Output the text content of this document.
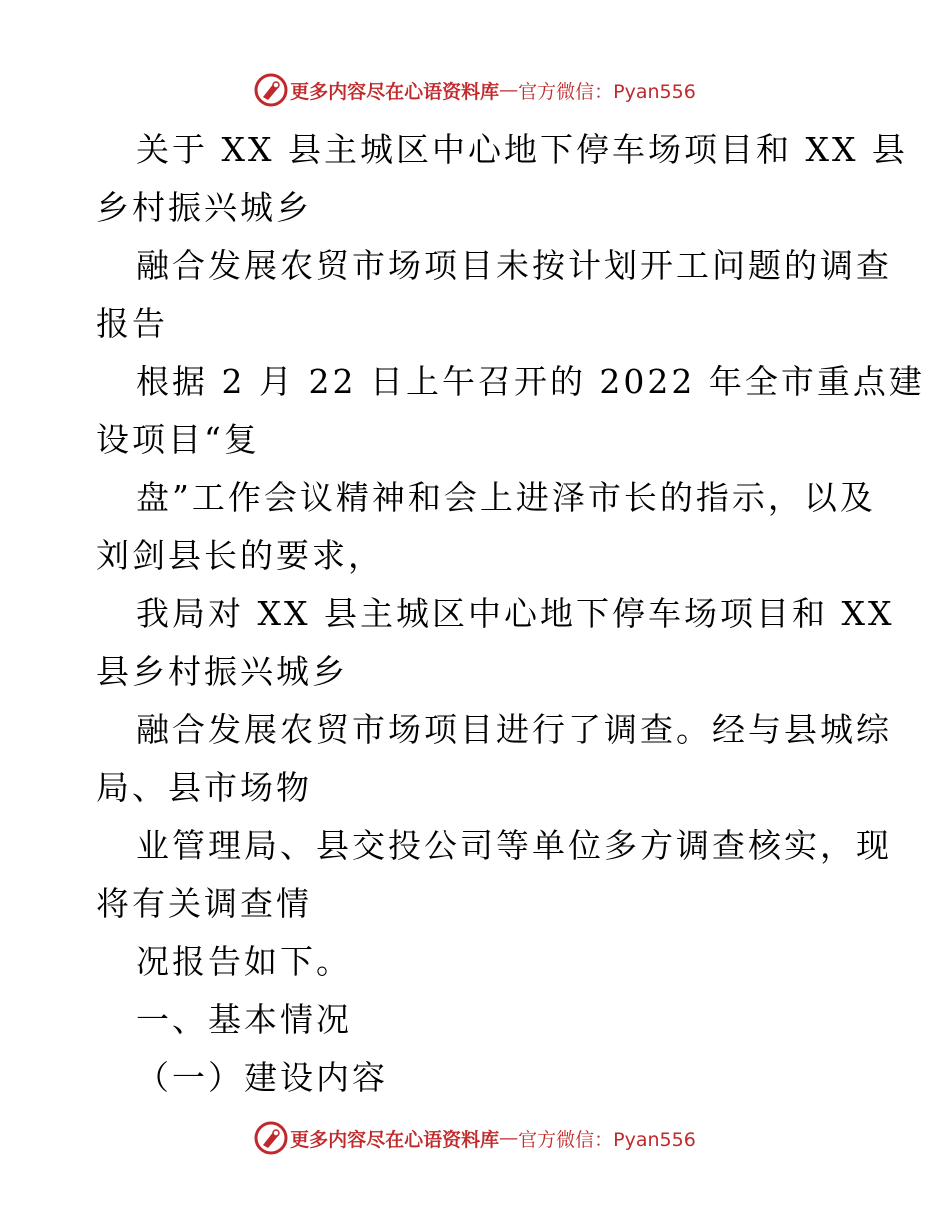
更多内容尽在心语资料库 — 官方微信：Pyan556

关于 XX 县主城区中心地下停车场项目和 XX 县

乡村振兴城乡

融合发展农贸市场项目未按计划开工问题的调查

报告

根据 2 月 22 日上午召开的 2022 年全市重点建

设项目“复

盘”工作会议精神和会上进泽市长的指示，以及

刘剑县长的要求，

我局对 XX 县主城区中心地下停车场项目和 XX

县乡村振兴城乡

融合发展农贸市场项目进行了调查。经与县城综

局、县市场物

业管理局、县交投公司等单位多方调查核实，现

将有关调查情

况报告如下。

一、基本情况

（一）建设内容

更多内容尽在心语资料库 — 官方微信：Pyan556
